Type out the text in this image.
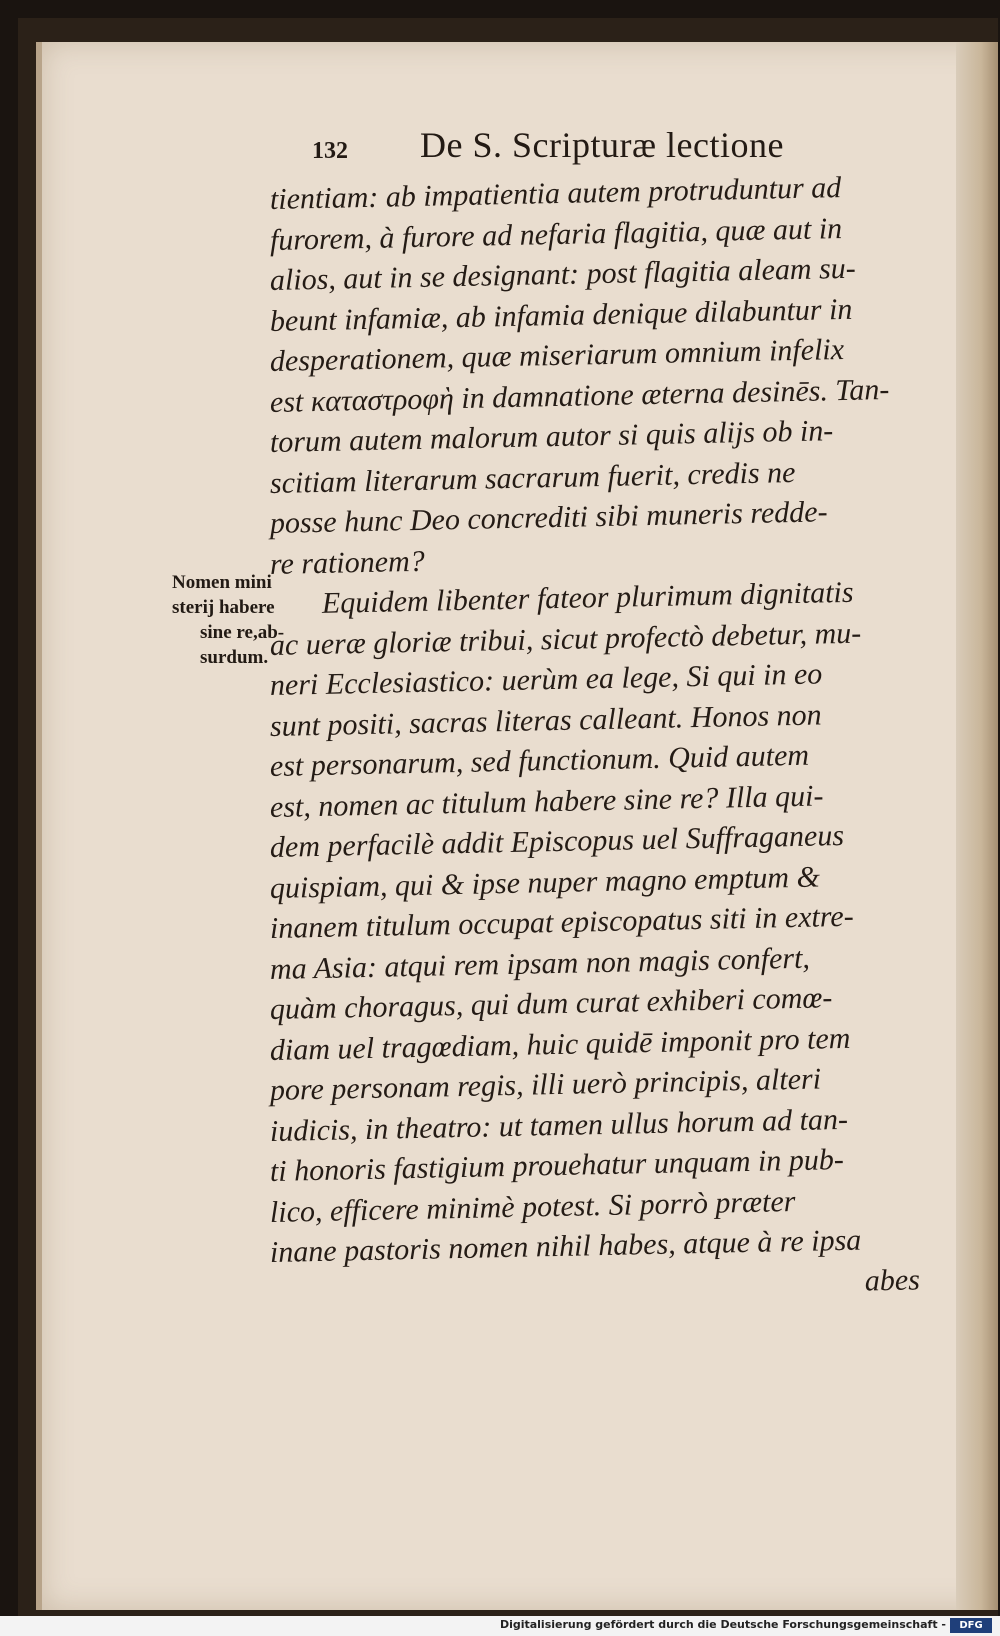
Nomen mini
sterij habere
sine re,ab-
surdum.
132 De S. Scripturæ lectione
tientiam: ab impatientia autem protruduntur ad
furorem, à furore ad nefaria flagitia, quæ aut in
alios, aut in se designant: post flagitia aleam su-
beunt infamiæ, ab infamia denique dilabuntur in
desperationem, quæ miseriarum omnium infelix
est καταστροφὴ in damnatione æterna desinēs. Tan-
torum autem malorum autor si quis alijs ob in-
scitiam literarum sacrarum fuerit, credis ne
posse hunc Deo concrediti sibi muneris redde-
re rationem?
Equidem libenter fateor plurimum dignitatis
ac ueræ gloriæ tribui, sicut profectò debetur, mu-
neri Ecclesiastico: uerùm ea lege, Si qui in eo
sunt positi, sacras literas calleant. Honos non
est personarum, sed functionum. Quid autem
est, nomen ac titulum habere sine re? Illa qui-
dem perfacilè addit Episcopus uel Suffraganeus
quispiam, qui & ipse nuper magno emptum &
inanem titulum occupat episcopatus siti in extre-
ma Asia: atqui rem ipsam non magis confert,
quàm choragus, qui dum curat exhiberi comœ-
diam uel tragœdiam, huic quidē imponit pro tem
pore personam regis, illi uerò principis, alteri
iudicis, in theatro: ut tamen ullus horum ad tan-
ti honoris fastigium prouehatur unquam in pub-
lico, efficere minimè potest. Si porrò præter
inane pastoris nomen nihil habes, atque à re ipsa
abes
Digitalisierung gefördert durch die Deutsche Forschungsgemeinschaft -	DFG
